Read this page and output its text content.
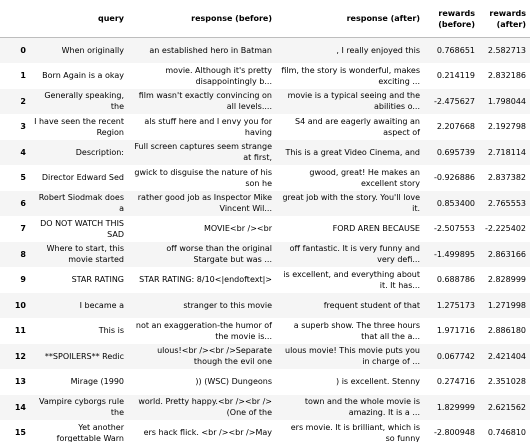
	query	response (before)	response (after)	rewards (before)	rewards (after)
0	When originally	an established hero in Batman	, I really enjoyed this	0.768651	2.582713
1	Born Again is a okay	movie. Although it's pretty disappointingly b...	film, the story is wonderful, makes exciting ...	0.214119	2.832186
2	Generally speaking, the	film wasn't exactly convincing on all levels....	movie is a typical seeing and the abilities o...	-2.475627	1.798044
3	I have seen the recent Region	als stuff here and I envy you for having	S4 and are eagerly awaiting an aspect of	2.207668	2.192798
4	Description:	Full screen captures seem strange at first,	This is a great Video Cinema, and	0.695739	2.718114
5	Director Edward Sed	gwick to disguise the nature of his son he	gwood, great! He makes an excellent story	-0.926886	2.837382
6	Robert Siodmak does a	rather good job as Inspector Mike Vincent Wil...	great job with the story. You'll love it.	0.853400	2.765553
7	DO NOT WATCH THIS SAD	MOVIE<br /><br	FORD AREN BECAUSE	-2.507553	-2.225402
8	Where to start, this movie started	off worse than the original Stargate but was ...	off fantastic. It is very funny and very defi...	-1.499895	2.863166
9	STAR RATING	STAR RATING: 8/10<|endoftext|>	is excellent, and everything about it. It has...	0.688786	2.828999
10	I became a	stranger to this movie	frequent student of that	1.275173	1.271998
11	This is	not an exaggeration-the humor of the movie is...	a superb show. The three hours that all the a...	1.971716	2.886180
12	**SPOILERS** Redic	ulous!<br /><br />Separate though the evil one	ulous movie! This movie puts you in charge of ...	0.067742	2.421404
13	Mirage (1990	)) (WSC) Dungeons	) is excellent. Stenny	0.274716	2.351028
14	Vampire cyborgs rule the	world. Pretty happy.<br /><br />(One of the	town and the whole movie is amazing. It is a ...	1.829999	2.621562
15	Yet another forgettable Warn	ers hack flick. <br /><br />May	ers movie. It is brilliant, which is so funny	-2.800948	0.746810
